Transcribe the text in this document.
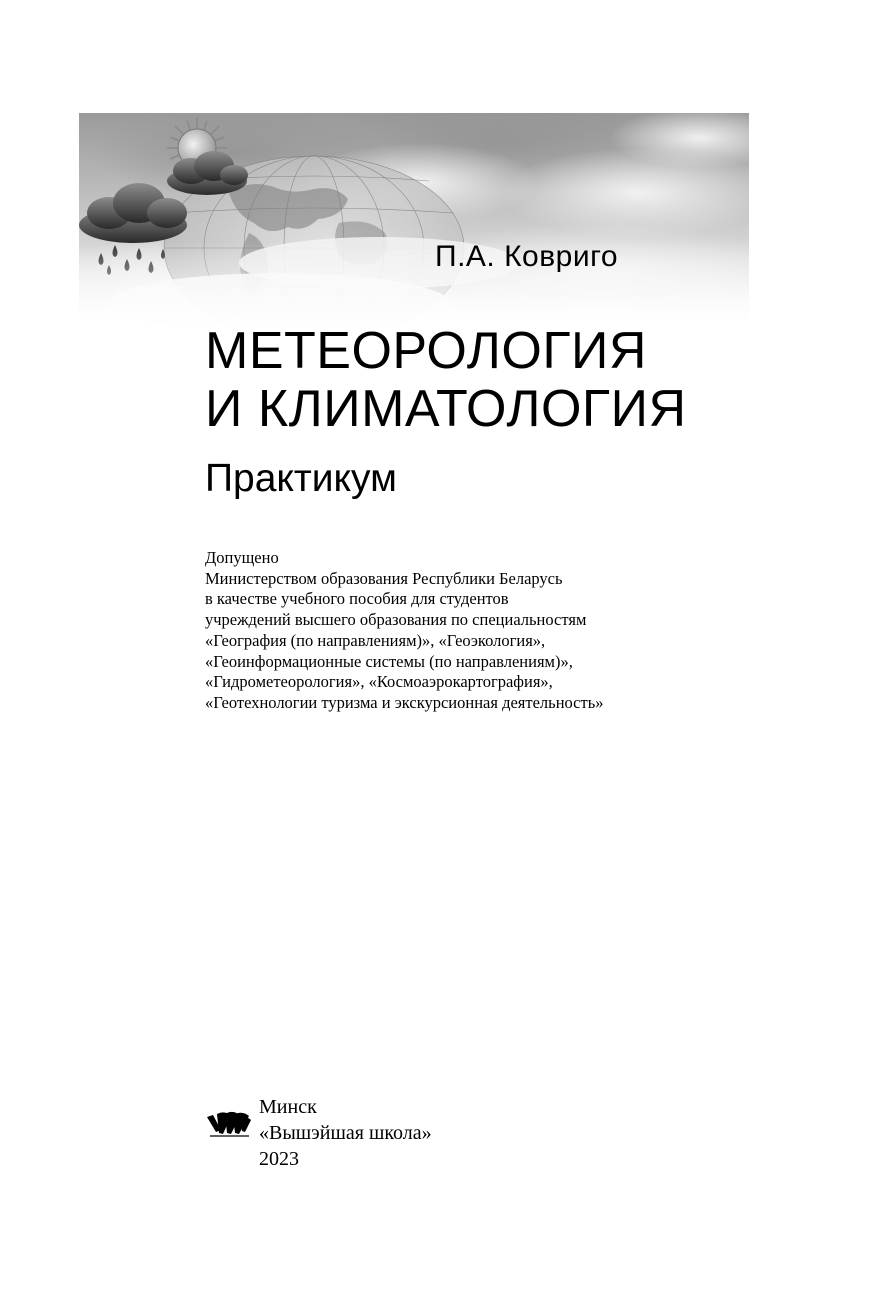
П.А. Ковриго
МЕТЕОРОЛОГИЯ
И КЛИМАТОЛОГИЯ
Практикум
Допущено
Министерством образования Республики Беларусь
в качестве учебного пособия для студентов
учреждений высшего образования по специальностям
«География (по направлениям)», «Геоэкология»,
«Геоинформационные системы (по направлениям)»,
«Гидрометеорология», «Космоаэрокартография»,
«Геотехнологии туризма и экскурсионная деятельность»
Минск
«Вышэйшая школа»
2023
